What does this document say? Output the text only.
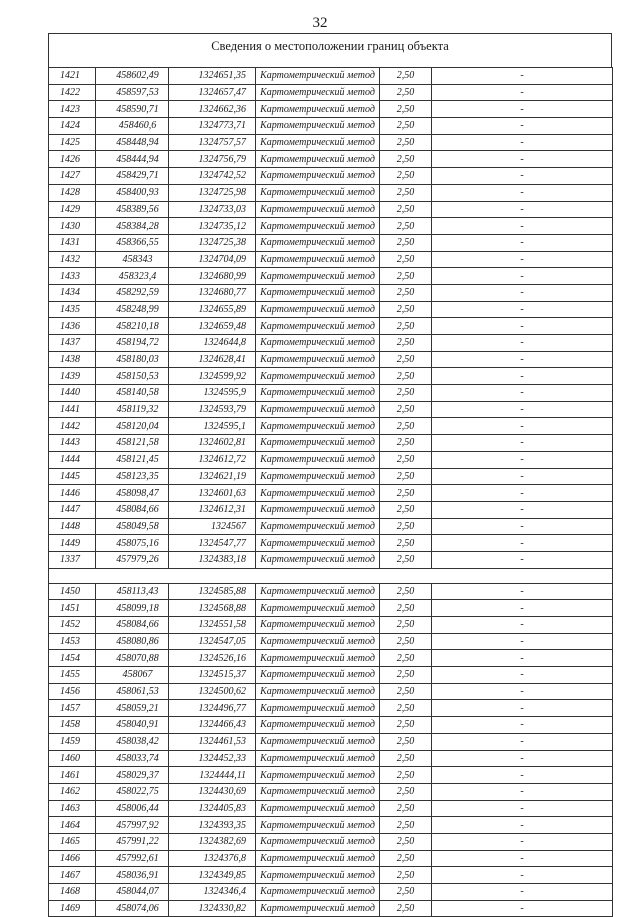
32
Сведения о местоположении границ объекта
1421	458602,49	1324651,35	Картометрический метод	2,50	-
1422	458597,53	1324657,47	Картометрический метод	2,50	-
1423	458590,71	1324662,36	Картометрический метод	2,50	-
1424	458460,6	1324773,71	Картометрический метод	2,50	-
1425	458448,94	1324757,57	Картометрический метод	2,50	-
1426	458444,94	1324756,79	Картометрический метод	2,50	-
1427	458429,71	1324742,52	Картометрический метод	2,50	-
1428	458400,93	1324725,98	Картометрический метод	2,50	-
1429	458389,56	1324733,03	Картометрический метод	2,50	-
1430	458384,28	1324735,12	Картометрический метод	2,50	-
1431	458366,55	1324725,38	Картометрический метод	2,50	-
1432	458343	1324704,09	Картометрический метод	2,50	-
1433	458323,4	1324680,99	Картометрический метод	2,50	-
1434	458292,59	1324680,77	Картометрический метод	2,50	-
1435	458248,99	1324655,89	Картометрический метод	2,50	-
1436	458210,18	1324659,48	Картометрический метод	2,50	-
1437	458194,72	1324644,8	Картометрический метод	2,50	-
1438	458180,03	1324628,41	Картометрический метод	2,50	-
1439	458150,53	1324599,92	Картометрический метод	2,50	-
1440	458140,58	1324595,9	Картометрический метод	2,50	-
1441	458119,32	1324593,79	Картометрический метод	2,50	-
1442	458120,04	1324595,1	Картометрический метод	2,50	-
1443	458121,58	1324602,81	Картометрический метод	2,50	-
1444	458121,45	1324612,72	Картометрический метод	2,50	-
1445	458123,35	1324621,19	Картометрический метод	2,50	-
1446	458098,47	1324601,63	Картометрический метод	2,50	-
1447	458084,66	1324612,31	Картометрический метод	2,50	-
1448	458049,58	1324567	Картометрический метод	2,50	-
1449	458075,16	1324547,77	Картометрический метод	2,50	-
1337	457979,26	1324383,18	Картометрический метод	2,50	-

1450	458113,43	1324585,88	Картометрический метод	2,50	-
1451	458099,18	1324568,88	Картометрический метод	2,50	-
1452	458084,66	1324551,58	Картометрический метод	2,50	-
1453	458080,86	1324547,05	Картометрический метод	2,50	-
1454	458070,88	1324526,16	Картометрический метод	2,50	-
1455	458067	1324515,37	Картометрический метод	2,50	-
1456	458061,53	1324500,62	Картометрический метод	2,50	-
1457	458059,21	1324496,77	Картометрический метод	2,50	-
1458	458040,91	1324466,43	Картометрический метод	2,50	-
1459	458038,42	1324461,53	Картометрический метод	2,50	-
1460	458033,74	1324452,33	Картометрический метод	2,50	-
1461	458029,37	1324444,11	Картометрический метод	2,50	-
1462	458022,75	1324430,69	Картометрический метод	2,50	-
1463	458006,44	1324405,83	Картометрический метод	2,50	-
1464	457997,92	1324393,35	Картометрический метод	2,50	-
1465	457991,22	1324382,69	Картометрический метод	2,50	-
1466	457992,61	1324376,8	Картометрический метод	2,50	-
1467	458036,91	1324349,85	Картометрический метод	2,50	-
1468	458044,07	1324346,4	Картометрический метод	2,50	-
1469	458074,06	1324330,82	Картометрический метод	2,50	-
